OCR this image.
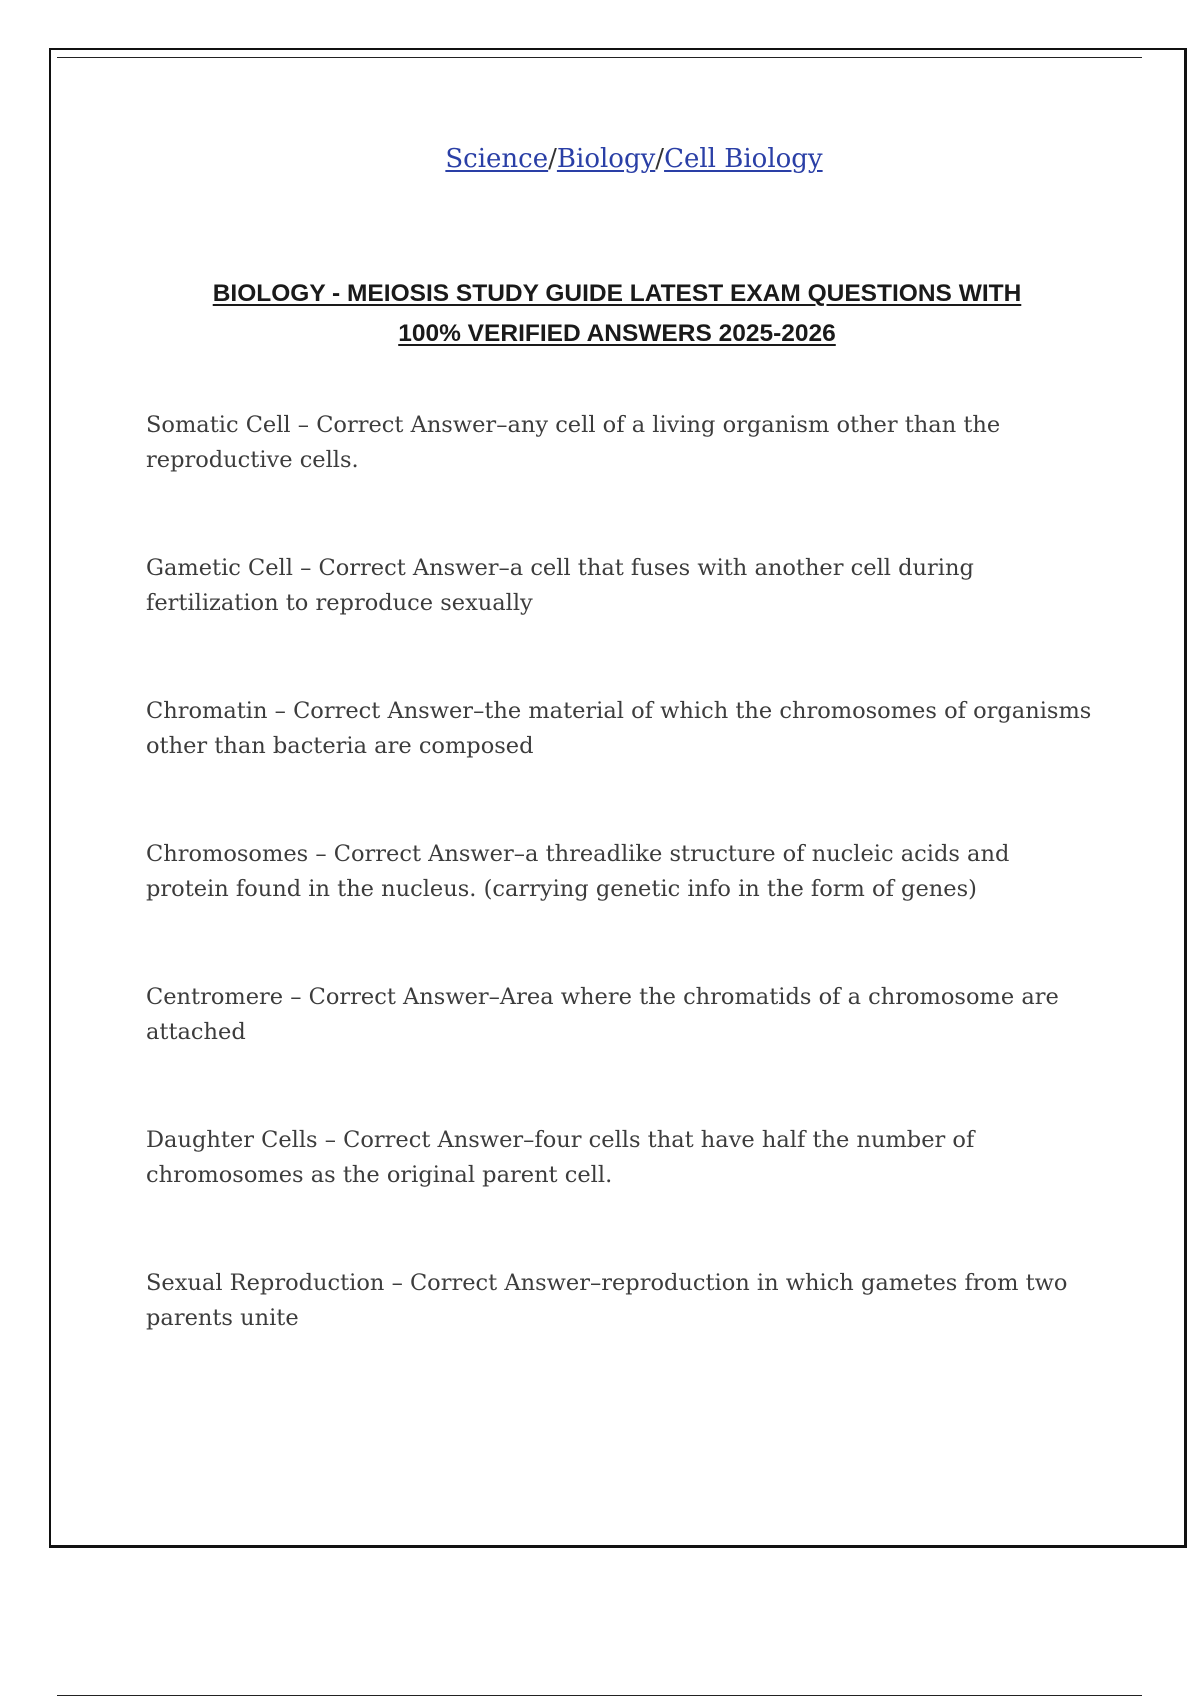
Science/Biology/Cell Biology
BIOLOGY - MEIOSIS STUDY GUIDE LATEST EXAM QUESTIONS WITH
100% VERIFIED ANSWERS 2025-2026
Somatic Cell – Correct Answer–any cell of a living organism other than the reproductive cells.
Gametic Cell – Correct Answer–a cell that fuses with another cell during fertilization to reproduce sexually
Chromatin – Correct Answer–the material of which the chromosomes of organisms other than bacteria are composed
Chromosomes – Correct Answer–a threadlike structure of nucleic acids and protein found in the nucleus. (carrying genetic info in the form of genes)
Centromere – Correct Answer–Area where the chromatids of a chromosome are attached
Daughter Cells – Correct Answer–four cells that have half the number of chromosomes as the original parent cell.
Sexual Reproduction – Correct Answer–reproduction in which gametes from two parents unite
